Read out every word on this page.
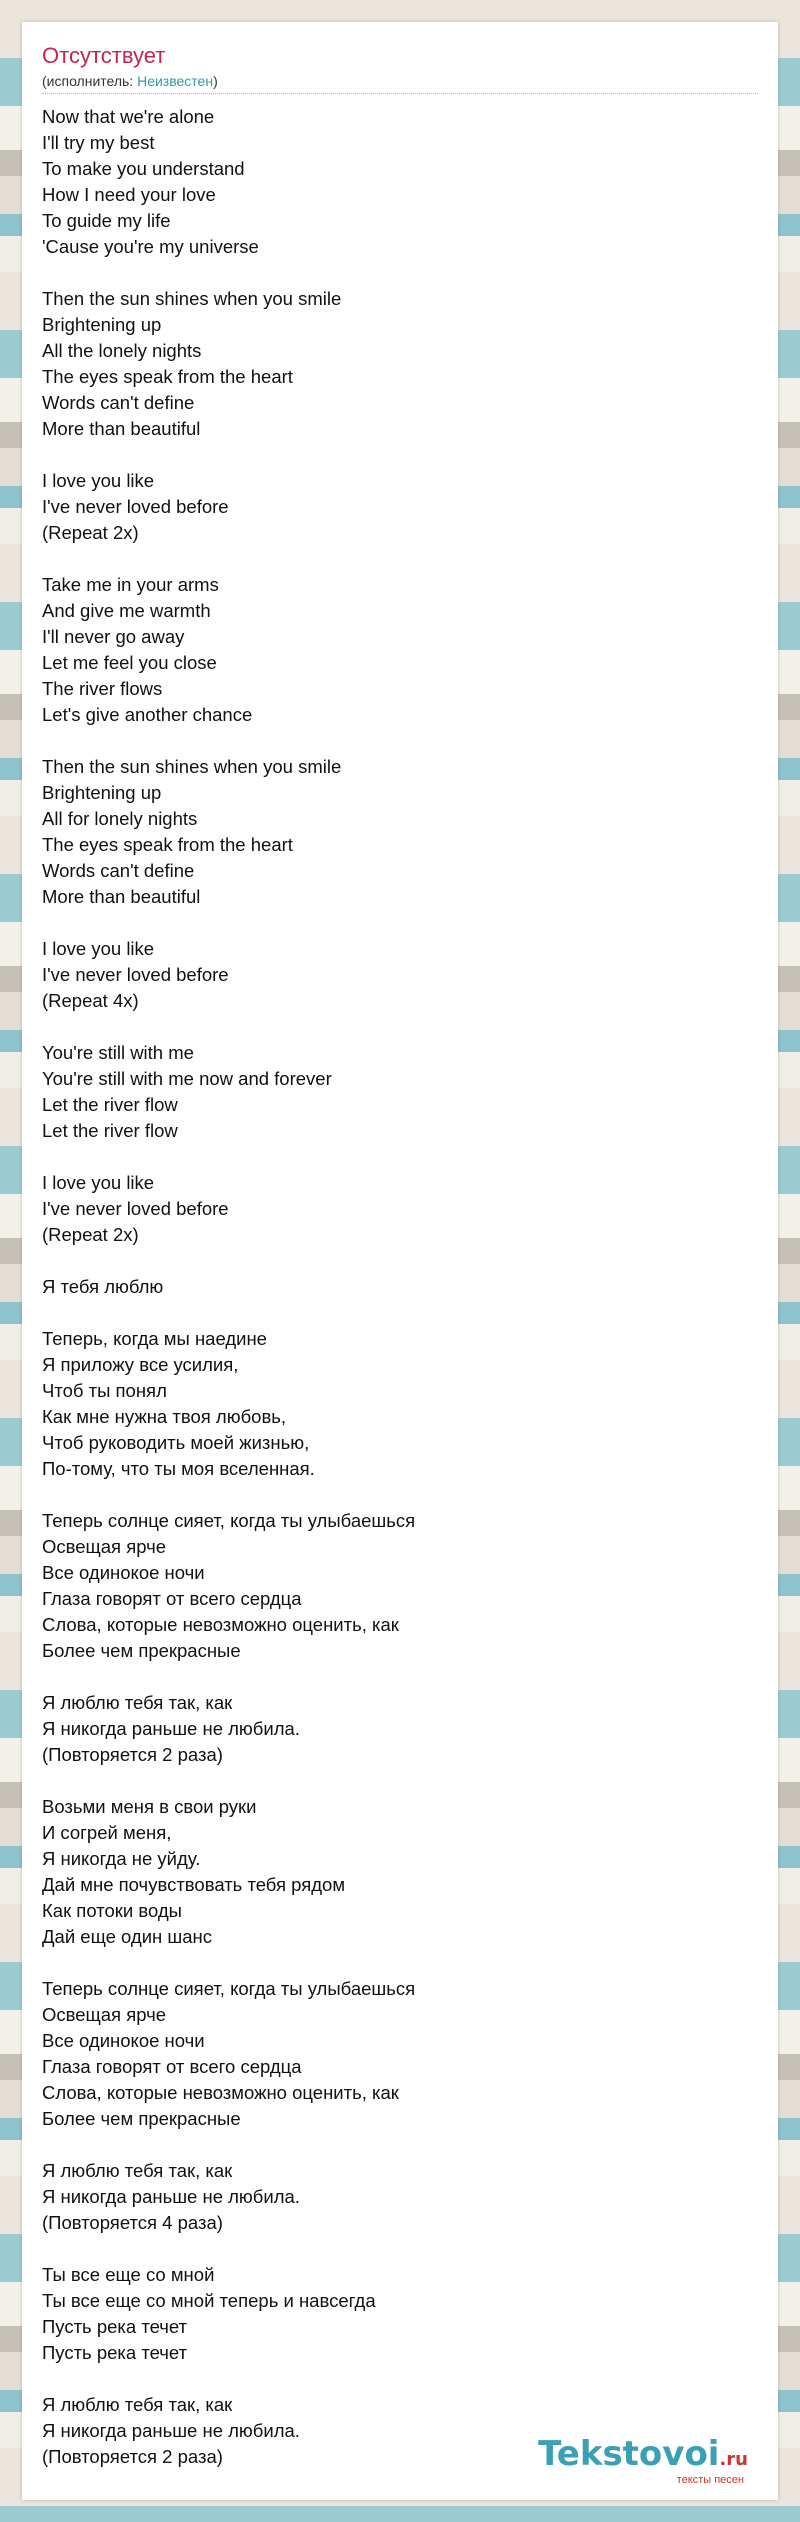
Отсутствует
(исполнитель: Неизвестен)
Now that we're alone
I'll try my best
To make you understand
How I need your love
To guide my life
'Cause you're my universe
Then the sun shines when you smile
Brightening up
All the lonely nights
The eyes speak from the heart
Words can't define
More than beautiful
I love you like
I've never loved before
(Repeat 2x)
Take me in your arms
And give me warmth
I'll never go away
Let me feel you close
The river flows
Let's give another chance
Then the sun shines when you smile
Brightening up
All for lonely nights
The eyes speak from the heart
Words can't define
More than beautiful
I love you like
I've never loved before
(Repeat 4x)
You're still with me
You're still with me now and forever
Let the river flow
Let the river flow
I love you like
I've never loved before
(Repeat 2x)
Я тебя люблю
Теперь, когда мы наедине
Я приложу все усилия,
Чтоб ты понял
Как мне нужна твоя любовь,
Чтоб руководить моей жизнью,
По-тому, что ты моя вселенная.
Теперь солнце сияет, когда ты улыбаешься
Освещая ярче
Все одинокое ночи
Глаза говорят от всего сердца
Слова, которые невозможно оценить, как
Более чем прекрасные
Я люблю тебя так, как
Я никогда раньше не любила.
(Повторяется 2 раза)
Возьми меня в свои руки
И согрей меня,
Я никогда не уйду.
Дай мне почувствовать тебя рядом
Как потоки воды
Дай еще один шанс
Теперь солнце сияет, когда ты улыбаешься
Освещая ярче
Все одинокое ночи
Глаза говорят от всего сердца
Слова, которые невозможно оценить, как
Более чем прекрасные
Я люблю тебя так, как
Я никогда раньше не любила.
(Повторяется 4 раза)
Ты все еще со мной
Ты все еще со мной теперь и навсегда
Пусть река течет
Пусть река течет
Я люблю тебя так, как
Я никогда раньше не любила.
(Повторяется 2 раза)	Tekstovoi.ru
тексты песен
